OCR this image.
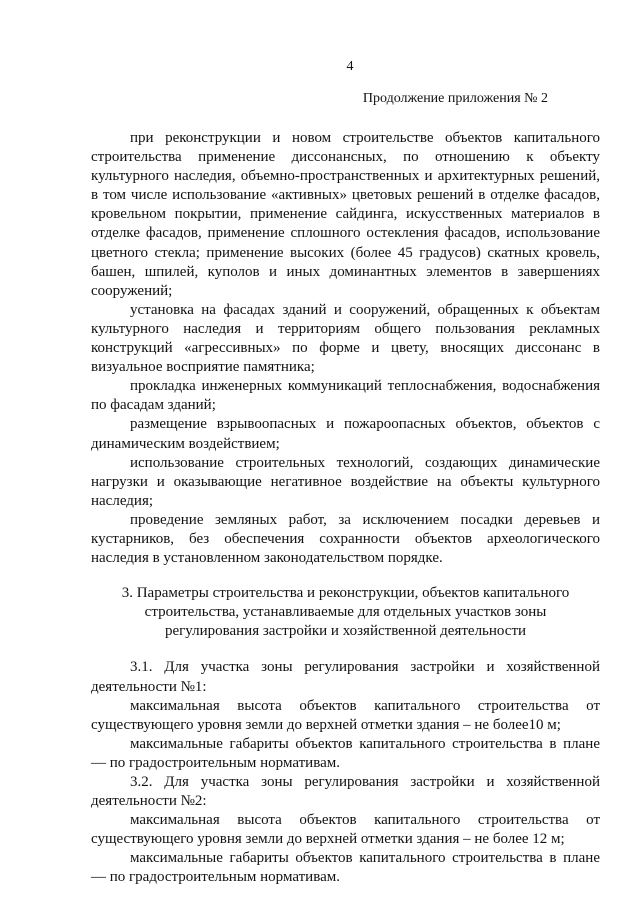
4
Продолжение приложения № 2

при реконструкции и новом строительстве объектов капитального строительства применение диссонансных, по отношению к объекту культурного наследия, объемно-пространственных и архитектурных решений, в том числе использование «активных» цветовых решений в отделке фасадов, кровельном покрытии, применение сайдинга, искусственных материалов в отделке фасадов, применение сплошного остекления фасадов, использование цветного стекла; применение высоких (более 45 градусов) скатных кровель, башен, шпилей, куполов и иных доминантных элементов в завершениях сооружений;

установка на фасадах зданий и сооружений, обращенных к объектам культурного наследия и территориям общего пользования рекламных конструкций «агрессивных» по форме и цвету, вносящих диссонанс в визуальное восприятие памятника;

прокладка инженерных коммуникаций теплоснабжения, водоснабжения по фасадам зданий;

размещение взрывоопасных и пожароопасных объектов, объектов с динамическим воздействием;

использование строительных технологий, создающих динамические нагрузки и оказывающие негативное воздействие на объекты культурного наследия;

проведение земляных работ, за исключением посадки деревьев и кустарников, без обеспечения сохранности объектов археологического наследия в установленном законодательством порядке.

3. Параметры строительства и реконструкции, объектов капитального
строительства, устанавливаемые для отдельных участков зоны
регулирования застройки и хозяйственной деятельности

3.1. Для участка зоны регулирования застройки и хозяйственной деятельности №1:

максимальная высота объектов капитального строительства от существующего уровня земли до верхней отметки здания – не более10 м;

максимальные габариты объектов капитального строительства в плане — по градостроительным нормативам.

3.2. Для участка зоны регулирования застройки и хозяйственной деятельности №2:

максимальная высота объектов капитального строительства от существующего уровня земли до верхней отметки здания – не более 12 м;

максимальные габариты объектов капитального строительства в плане — по градостроительным нормативам.
